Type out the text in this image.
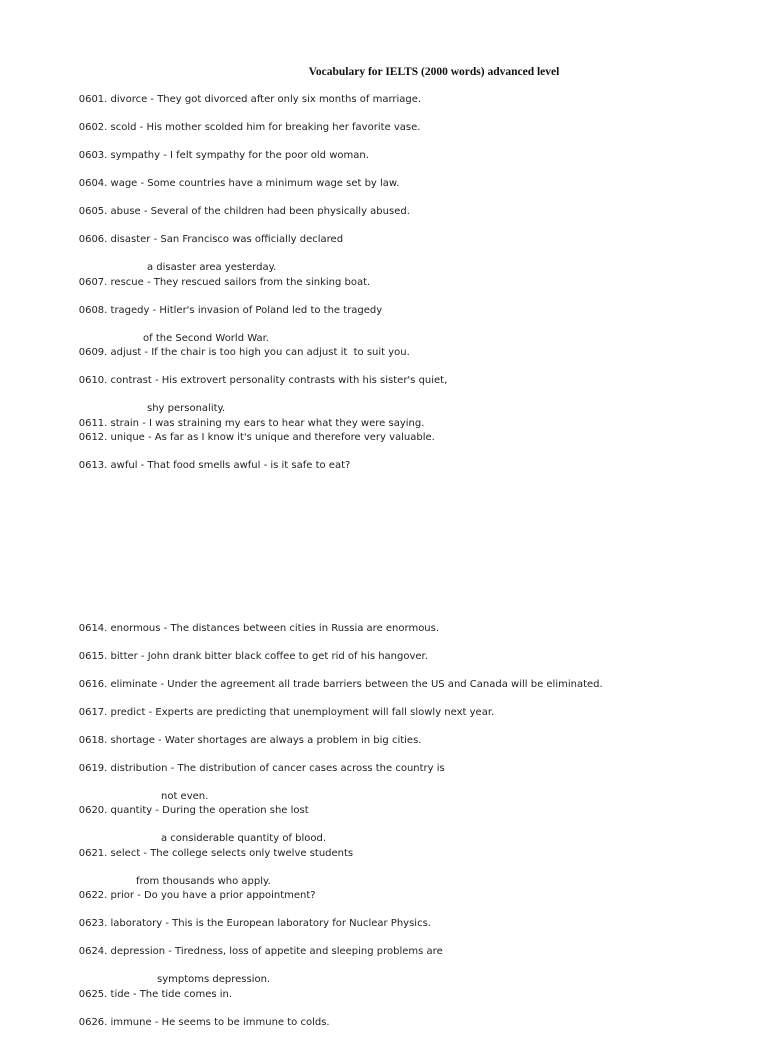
Vocabulary for IELTS (2000 words) advanced level

0601. divorce - They got divorced after only six months of marriage.

0602. scold - His mother scolded him for breaking her favorite vase.

0603. sympathy - I felt sympathy for the poor old woman.

0604. wage - Some countries have a minimum wage set by law.

0605. abuse - Several of the children had been physically abused.

0606. disaster - San Francisco was officially declared

a disaster area yesterday.

0607. rescue - They rescued sailors from the sinking boat.

0608. tragedy - Hitler's invasion of Poland led to the tragedy

of the Second World War.

0609. adjust - If the chair is too high you can adjust it  to suit you.

0610. contrast - His extrovert personality contrasts with his sister's quiet,

shy personality.

0611. strain - I was straining my ears to hear what they were saying.

0612. unique - As far as I know it's unique and therefore very valuable.

0613. awful - That food smells awful - is it safe to eat?

0614. enormous - The distances between cities in Russia are enormous.

0615. bitter - John drank bitter black coffee to get rid of his hangover.

0616. eliminate - Under the agreement all trade barriers between the US and Canada will be eliminated.

0617. predict - Experts are predicting that unemployment will fall slowly next year.

0618. shortage - Water shortages are always a problem in big cities.

0619. distribution - The distribution of cancer cases across the country is

not even.

0620. quantity - During the operation she lost

a considerable quantity of blood.

0621. select - The college selects only twelve students

from thousands who apply.

0622. prior - Do you have a prior appointment?

0623. laboratory - This is the European laboratory for Nuclear Physics.

0624. depression - Tiredness, loss of appetite and sleeping problems are

symptoms depression.

0625. tide - The tide comes in.

0626. immune - He seems to be immune to colds.
